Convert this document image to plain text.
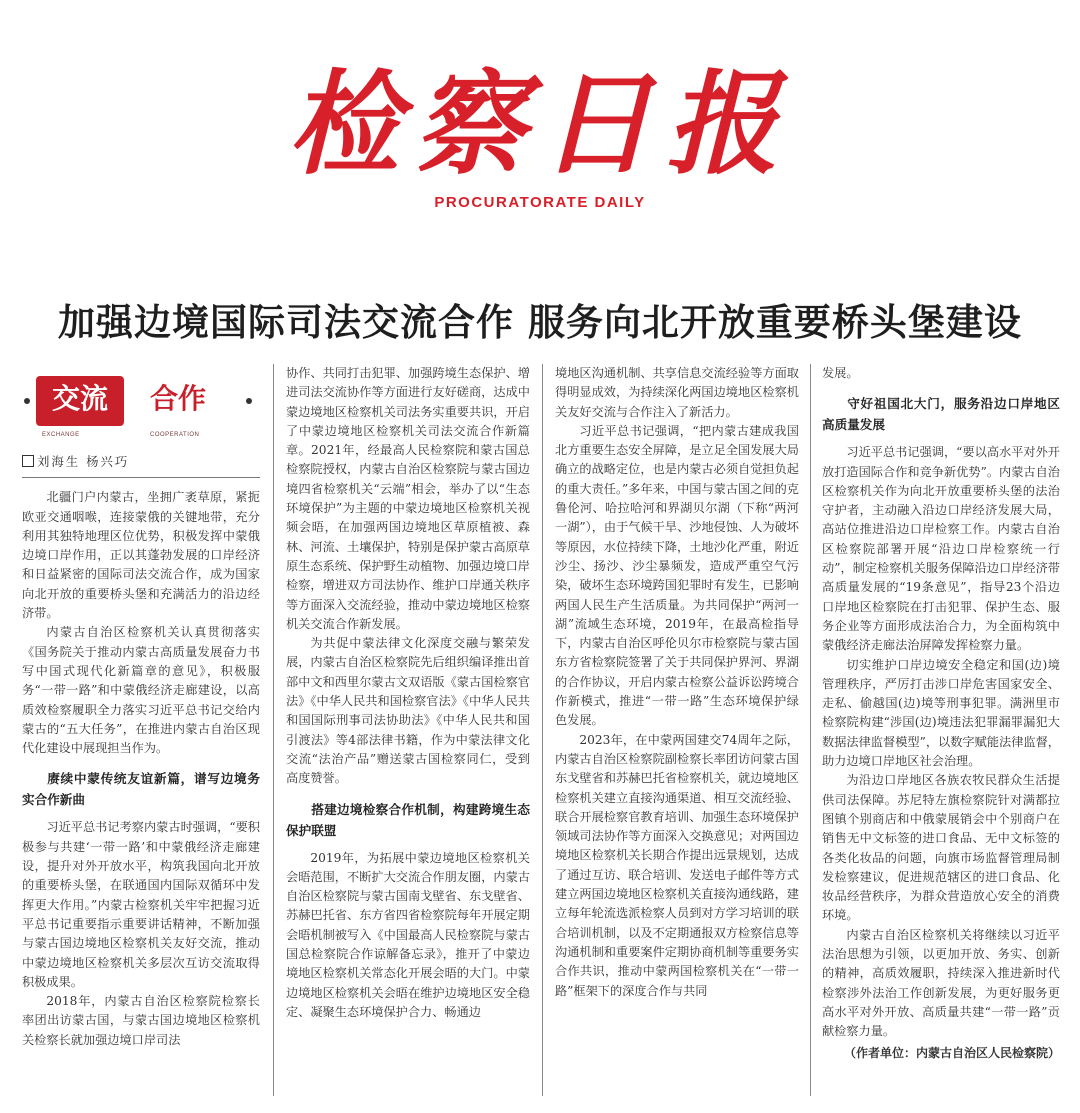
检察日报
PROCURATORATE DAILY
加强边境国际司法交流合作 服务向北开放重要桥头堡建设
交流	合作
EXCHANGE	COOPERATION
刘海生 杨兴巧

北疆门户内蒙古，坐拥广袤草原，紧扼欧亚交通咽喉，连接蒙俄的关键地带，充分利用其独特地理区位优势，积极发挥中蒙俄边境口岸作用，正以其蓬勃发展的口岸经济和日益紧密的国际司法交流合作，成为国家向北开放的重要桥头堡和充满活力的沿边经济带。

内蒙古自治区检察机关认真贯彻落实《国务院关于推动内蒙古高质量发展奋力书写中国式现代化新篇章的意见》，积极服务“一带一路”和中蒙俄经济走廊建设，以高质效检察履职全力落实习近平总书记交给内蒙古的“五大任务”，在推进内蒙古自治区现代化建设中展现担当作为。

赓续中蒙传统友谊新篇，谱写边境务实合作新曲

习近平总书记考察内蒙古时强调，“要积极参与共建‘一带一路’和中蒙俄经济走廊建设，提升对外开放水平，构筑我国向北开放的重要桥头堡，在联通国内国际双循环中发挥更大作用。”内蒙古检察机关牢牢把握习近平总书记重要指示重要讲话精神，不断加强与蒙古国边境地区检察机关友好交流，推动中蒙边境地区检察机关多层次互访交流取得积极成果。

2018年，内蒙古自治区检察院检察长率团出访蒙古国，与蒙古国边境地区检察机关检察长就加强边境口岸司法

协作、共同打击犯罪、加强跨境生态保护、增进司法交流协作等方面进行友好磋商，达成中蒙边境地区检察机关司法务实重要共识，开启了中蒙边境地区检察机关司法交流合作新篇章。2021年，经最高人民检察院和蒙古国总检察院授权，内蒙古自治区检察院与蒙古国边境四省检察机关“云端”相会，举办了以“生态环境保护”为主题的中蒙边境地区检察机关视频会晤，在加强两国边境地区草原植被、森林、河流、土壤保护，特别是保护蒙古高原草原生态系统、保护野生动植物、加强边境口岸检察，增进双方司法协作、维护口岸通关秩序等方面深入交流经验，推动中蒙边境地区检察机关交流合作新发展。

为共促中蒙法律文化深度交融与繁荣发展，内蒙古自治区检察院先后组织编译推出首部中文和西里尔蒙古文双语版《蒙古国检察官法》《中华人民共和国检察官法》《中华人民共和国国际刑事司法协助法》《中华人民共和国引渡法》等4部法律书籍，作为中蒙法律文化交流“法治产品”赠送蒙古国检察同仁，受到高度赞誉。

搭建边境检察合作机制，构建跨境生态保护联盟

2019年，为拓展中蒙边境地区检察机关会晤范围，不断扩大交流合作朋友圈，内蒙古自治区检察院与蒙古国南戈壁省、东戈壁省、苏赫巴托省、东方省四省检察院每年开展定期会晤机制被写入《中国最高人民检察院与蒙古国总检察院合作谅解备忘录》，推开了中蒙边境地区检察机关常态化开展会晤的大门。中蒙边境地区检察机关会晤在维护边境地区安全稳定、凝聚生态环境保护合力、畅通边

境地区沟通机制、共享信息交流经验等方面取得明显成效，为持续深化两国边境地区检察机关友好交流与合作注入了新活力。

习近平总书记强调，“把内蒙古建成我国北方重要生态安全屏障，是立足全国发展大局确立的战略定位，也是内蒙古必须自觉担负起的重大责任。”多年来，中国与蒙古国之间的克鲁伦河、哈拉哈河和界湖贝尔湖（下称“两河一湖”），由于气候干旱、沙地侵蚀、人为破坏等原因，水位持续下降，土地沙化严重，附近沙尘、扬沙、沙尘暴频发，造成严重空气污染，破坏生态环境跨国犯罪时有发生，已影响两国人民生产生活质量。为共同保护“两河一湖”流域生态环境，2019年，在最高检指导下，内蒙古自治区呼伦贝尔市检察院与蒙古国东方省检察院签署了关于共同保护界河、界湖的合作协议，开启内蒙古检察公益诉讼跨境合作新模式，推进“一带一路”生态环境保护绿色发展。

2023年，在中蒙两国建交74周年之际，内蒙古自治区检察院副检察长率团访问蒙古国东戈壁省和苏赫巴托省检察机关，就边境地区检察机关建立直接沟通渠道、相互交流经验、联合开展检察官教育培训、加强生态环境保护领域司法协作等方面深入交换意见；对两国边境地区检察机关长期合作提出远景规划，达成了通过互访、联合培训、发送电子邮件等方式建立两国边境地区检察机关直接沟通线路，建立每年轮流选派检察人员到对方学习培训的联合培训机制，以及不定期通报双方检察信息等沟通机制和重要案件定期协商机制等重要务实合作共识，推动中蒙两国检察机关在“一带一路”框架下的深度合作与共同

发展。

守好祖国北大门，服务沿边口岸地区高质量发展

习近平总书记强调，“要以高水平对外开放打造国际合作和竞争新优势”。内蒙古自治区检察机关作为向北开放重要桥头堡的法治守护者，主动融入沿边口岸经济发展大局，高站位推进沿边口岸检察工作。内蒙古自治区检察院部署开展“沿边口岸检察统一行动”，制定检察机关服务保障沿边口岸经济带高质量发展的“19条意见”，指导23个沿边口岸地区检察院在打击犯罪、保护生态、服务企业等方面形成法治合力，为全面构筑中蒙俄经济走廊法治屏障发挥检察力量。

切实维护口岸边境安全稳定和国(边)境管理秩序，严厉打击涉口岸危害国家安全、走私、偷越国(边)境等刑事犯罪。满洲里市检察院构建“涉国(边)境违法犯罪漏罪漏犯大数据法律监督模型”，以数字赋能法律监督，助力边境口岸地区社会治理。

为沿边口岸地区各族农牧民群众生活提供司法保障。苏尼特左旗检察院针对满都拉图镇个别商店和中俄蒙展销会中个别商户在销售无中文标签的进口食品、无中文标签的各类化妆品的问题，向旗市场监督管理局制发检察建议，促进规范辖区的进口食品、化妆品经营秩序，为群众营造放心安全的消费环境。

内蒙古自治区检察机关将继续以习近平法治思想为引领，以更加开放、务实、创新的精神，高质效履职，持续深入推进新时代检察涉外法治工作创新发展，为更好服务更高水平对外开放、高质量共建“一带一路”贡献检察力量。

（作者单位：内蒙古自治区人民检察院）
